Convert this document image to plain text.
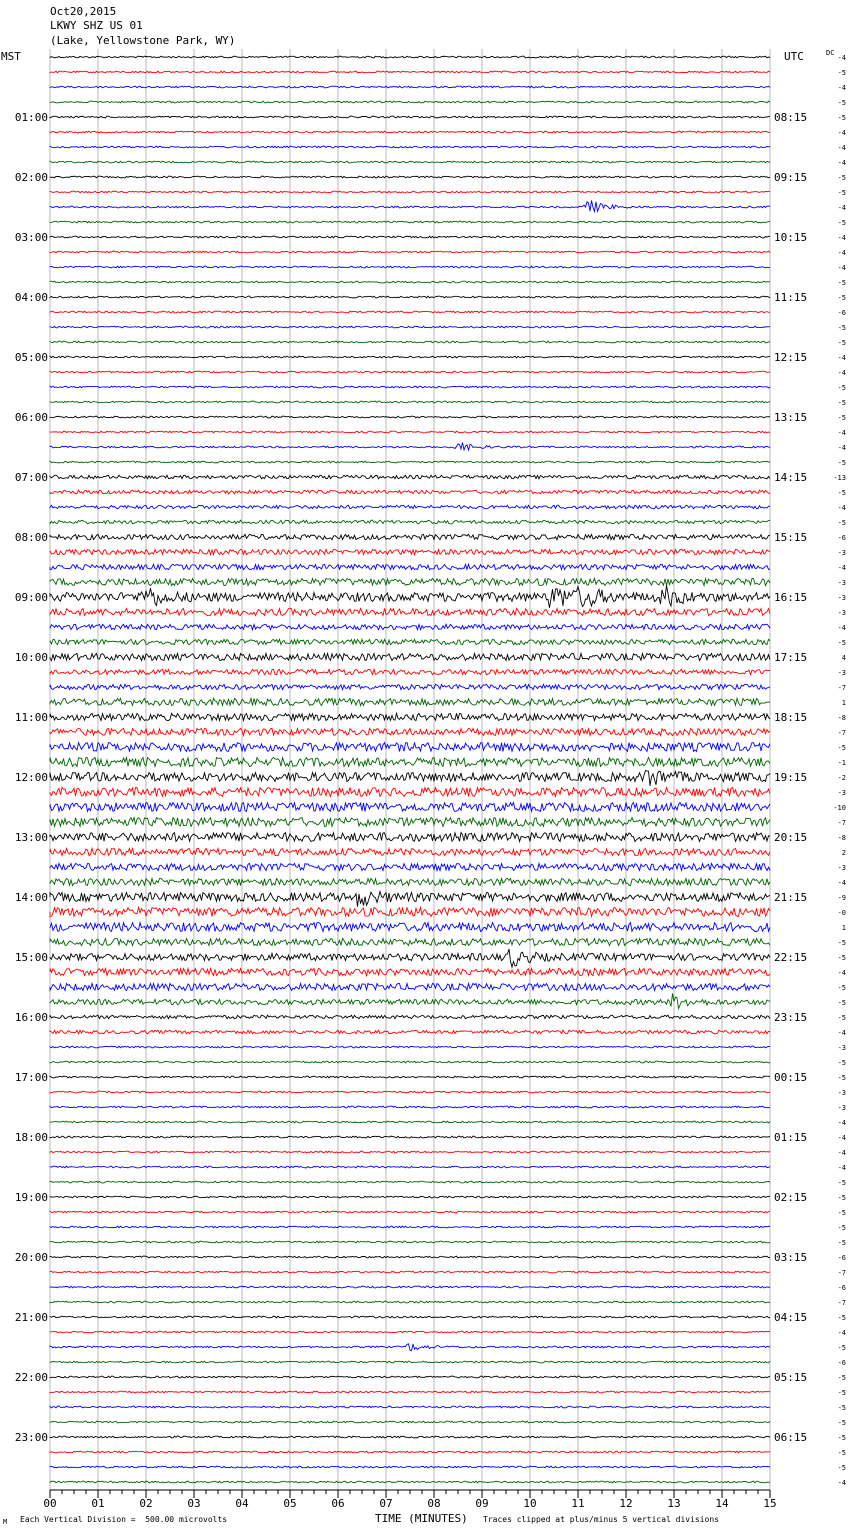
Oct20,2015
LKWY SHZ US 01
(Lake, Yellowstone Park, WY)
MST	UTC	DC
00	01	02	03	04	05	06	07	08	09	10	11	12	13	14	15
-4
-5
-4
-5
-5
-4
-4
-4
-5
-5
-4
-5
-4
-4
-4
-5
-5
-6
-5
-5
-4
-4
-5
-5
-5
-4
-4
-5
-13
-5
-4
-5
-6
-3
-4
-3
-3
-3
-4
-5
4
-3
-7
1
-8
-7
-5
-1
-2
-3
-10
-7
-8
2
-3
-4
-9
-0
1
-5
-5
-4
-5
-5
-5
-4
-3
-5
-5
-3
-3
-4
-4
-4
-4
-5
-5
-5
-5
-5
-6
-7
-6
-7
-5
-4
-5
-6
-5
-5
-5
-5
-5
-5
-5
-4
01:00
02:00
03:00
04:00
05:00
06:00
07:00
08:00
09:00
10:00
11:00
12:00
13:00
14:00
15:00
16:00
17:00
18:00
19:00
20:00
21:00
22:00
23:00
08:15
09:15
10:15
11:15
12:15
13:15
14:15
15:15
16:15
17:15
18:15
19:15
20:15
21:15
22:15
23:15
00:15
01:15
02:15
03:15
04:15
05:15
06:15
M Each Vertical Division =  500.00 microvolts	TIME (MINUTES) Traces clipped at plus/minus 5 vertical divisions
